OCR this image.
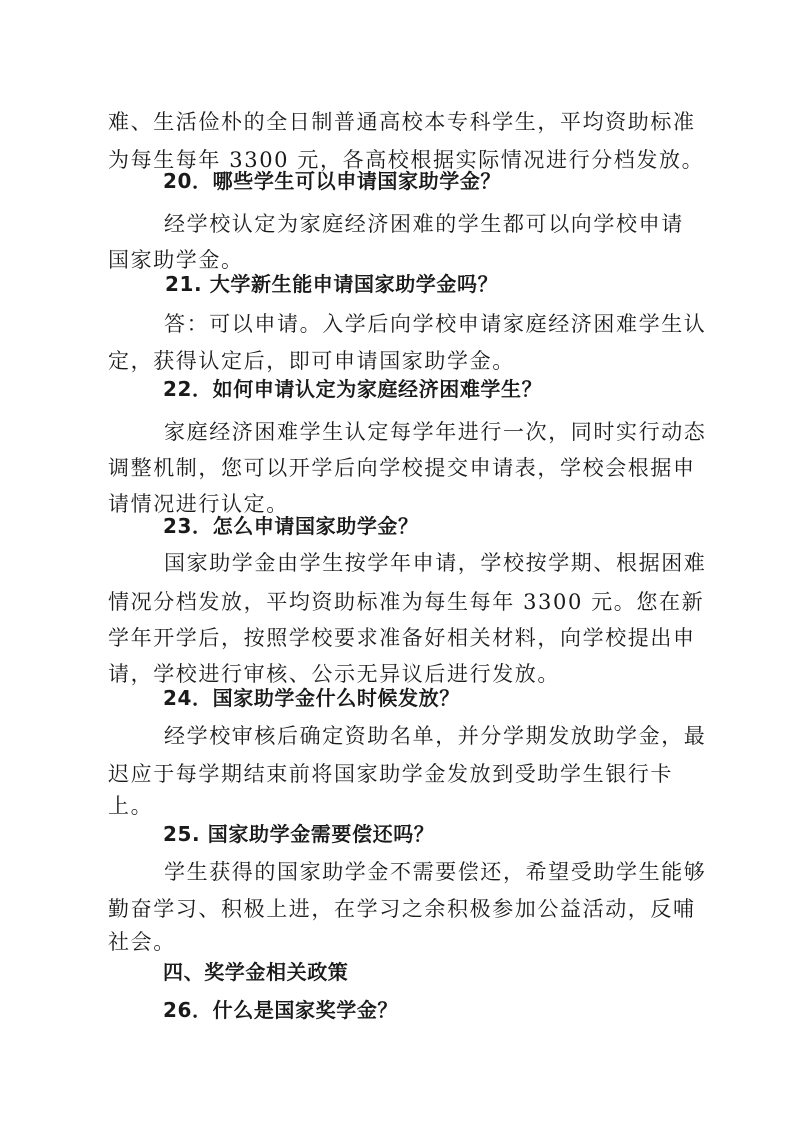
难、生活俭朴的全日制普通高校本专科学生，平均资助标准
为每生每年 3300 元，各高校根据实际情况进行分档发放。
20．哪些学生可以申请国家助学金？
经学校认定为家庭经济困难的学生都可以向学校申请
国家助学金。
21. 大学新生能申请国家助学金吗？
答：可以申请。入学后向学校申请家庭经济困难学生认
定，获得认定后，即可申请国家助学金。
22．如何申请认定为家庭经济困难学生？
家庭经济困难学生认定每学年进行一次，同时实行动态
调整机制，您可以开学后向学校提交申请表，学校会根据申
请情况进行认定。
23．怎么申请国家助学金？
国家助学金由学生按学年申请，学校按学期、根据困难
情况分档发放，平均资助标准为每生每年 3300 元。您在新
学年开学后，按照学校要求准备好相关材料，向学校提出申
请，学校进行审核、公示无异议后进行发放。
24．国家助学金什么时候发放？
经学校审核后确定资助名单，并分学期发放助学金，最
迟应于每学期结束前将国家助学金发放到受助学生银行卡
上。
25. 国家助学金需要偿还吗？
学生获得的国家助学金不需要偿还，希望受助学生能够
勤奋学习、积极上进，在学习之余积极参加公益活动，反哺
社会。
四、奖学金相关政策
26．什么是国家奖学金？
